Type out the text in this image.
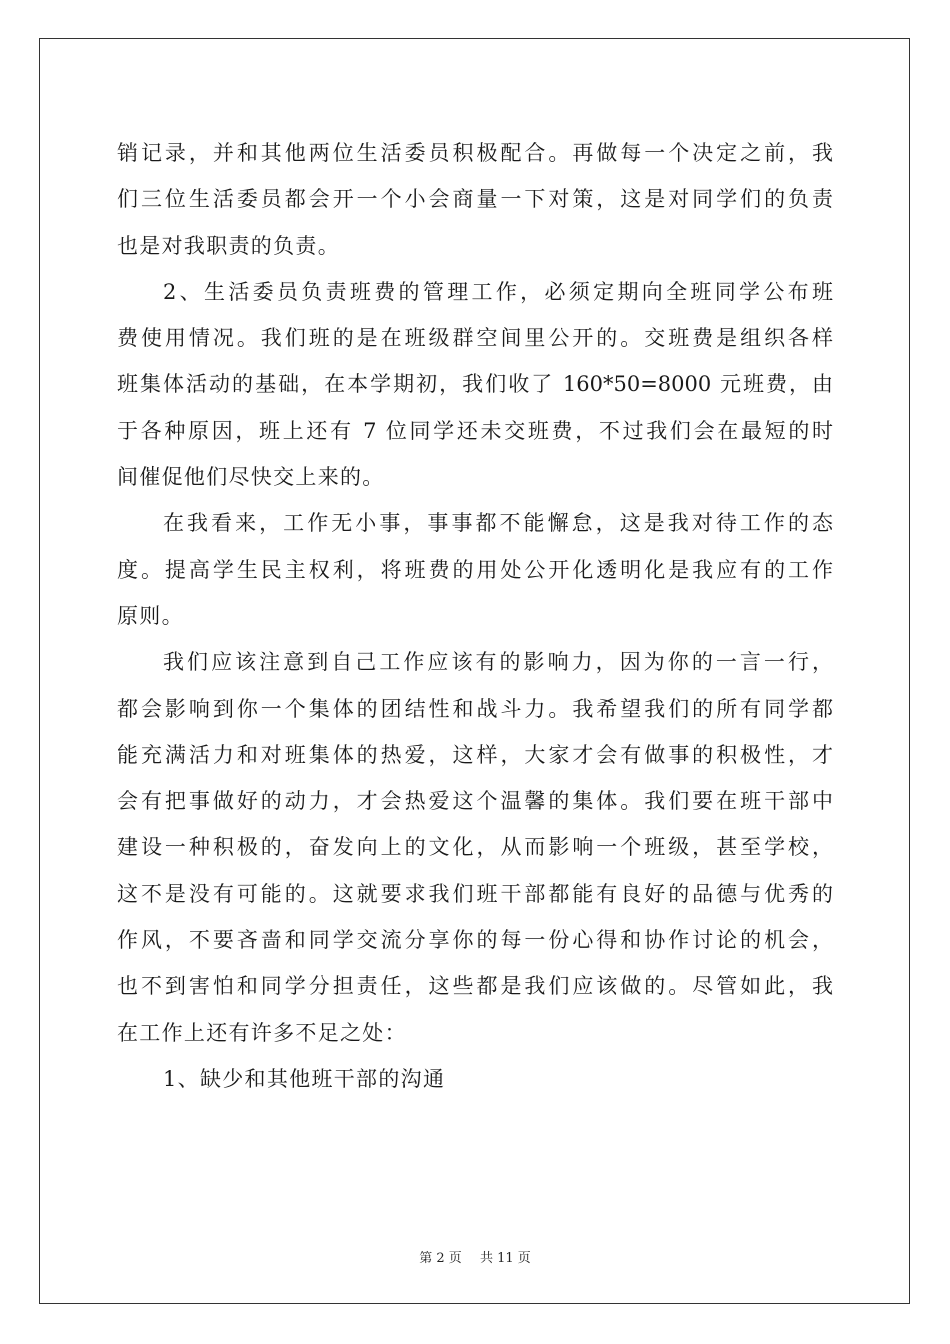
销记录，并和其他两位生活委员积极配合。再做每一个决定之前，我
们三位生活委员都会开一个小会商量一下对策，这是对同学们的负责
也是对我职责的负责。
2、生活委员负责班费的管理工作，必须定期向全班同学公布班
费使用情况。我们班的是在班级群空间里公开的。交班费是组织各样
班集体活动的基础，在本学期初，我们收了 160*50=8000 元班费，由
于各种原因，班上还有 7 位同学还未交班费，不过我们会在最短的时
间催促他们尽快交上来的。
在我看来，工作无小事，事事都不能懈怠，这是我对待工作的态
度。提高学生民主权利，将班费的用处公开化透明化是我应有的工作
原则。
我们应该注意到自己工作应该有的影响力，因为你的一言一行，
都会影响到你一个集体的团结性和战斗力。我希望我们的所有同学都
能充满活力和对班集体的热爱，这样，大家才会有做事的积极性，才
会有把事做好的动力，才会热爱这个温馨的集体。我们要在班干部中
建设一种积极的，奋发向上的文化，从而影响一个班级，甚至学校，
这不是没有可能的。这就要求我们班干部都能有良好的品德与优秀的
作风，不要吝啬和同学交流分享你的每一份心得和协作讨论的机会，
也不到害怕和同学分担责任，这些都是我们应该做的。尽管如此，我
在工作上还有许多不足之处：
1、缺少和其他班干部的沟通
第 2 页 共 11 页
